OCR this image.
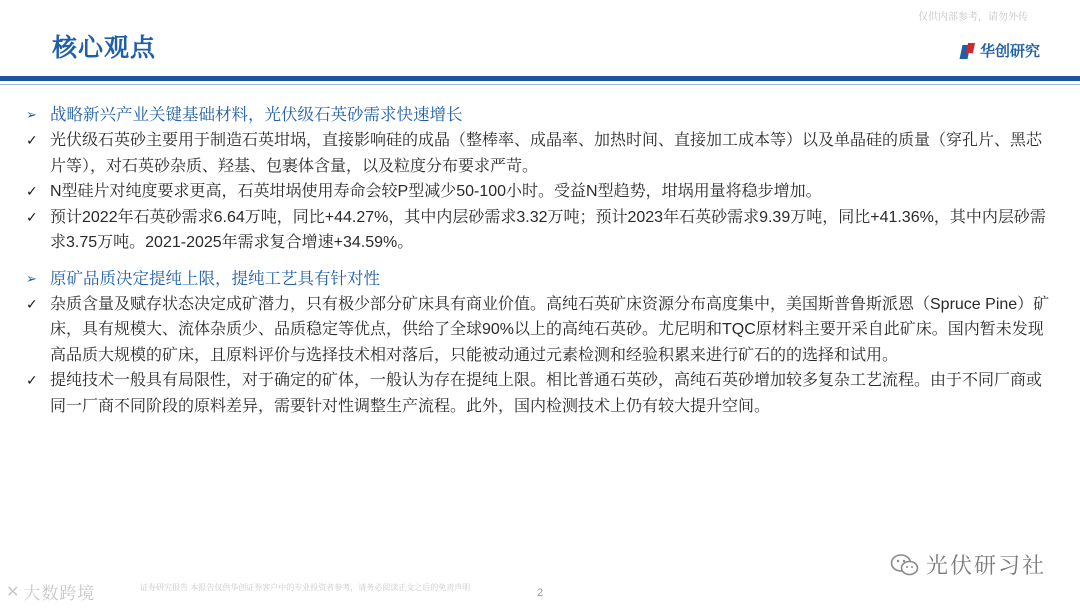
仅供内部参考，请勿外传
核心观点	华创研究
➢ 战略新兴产业关键基础材料，光伏级石英砂需求快速增长
✓ 光伏级石英砂主要用于制造石英坩埚，直接影响硅的成晶（整棒率、成晶率、加热时间、直接加工成本等）以及单晶硅的质量（穿孔片、黑芯片等），对石英砂杂质、羟基、包裹体含量，以及粒度分布要求严苛。
✓ N型硅片对纯度要求更高，石英坩埚使用寿命会较P型减少50-100小时。受益N型趋势，坩埚用量将稳步增加。
✓ 预计2022年石英砂需求6.64万吨，同比+44.27%，其中内层砂需求3.32万吨；预计2023年石英砂需求9.39万吨，同比+41.36%，其中内层砂需求3.75万吨。2021-2025年需求复合增速+34.59%。
➢ 原矿品质决定提纯上限，提纯工艺具有针对性
✓ 杂质含量及赋存状态决定成矿潜力，只有极少部分矿床具有商业价值。高纯石英矿床资源分布高度集中，美国斯普鲁斯派恩（Spruce Pine）矿床，具有规模大、流体杂质少、品质稳定等优点，供给了全球90%以上的高纯石英砂。尤尼明和TQC原材料主要开采自此矿床。国内暂未发现高品质大规模的矿床，且原料评价与选择技术相对落后，只能被动通过元素检测和经验积累来进行矿石的的选择和试用。
✓ 提纯技术一般具有局限性，对于确定的矿体，一般认为存在提纯上限。相比普通石英砂，高纯石英砂增加较多复杂工艺流程。由于不同厂商或同一厂商不同阶段的原料差异，需要针对性调整生产流程。此外，国内检测技术上仍有较大提升空间。
✕ 大数跨境	证券研究报告 本报告仅供华创证券客户中的专业投资者参考，请务必阅读正文之后的免责声明	2
光伏研习社
